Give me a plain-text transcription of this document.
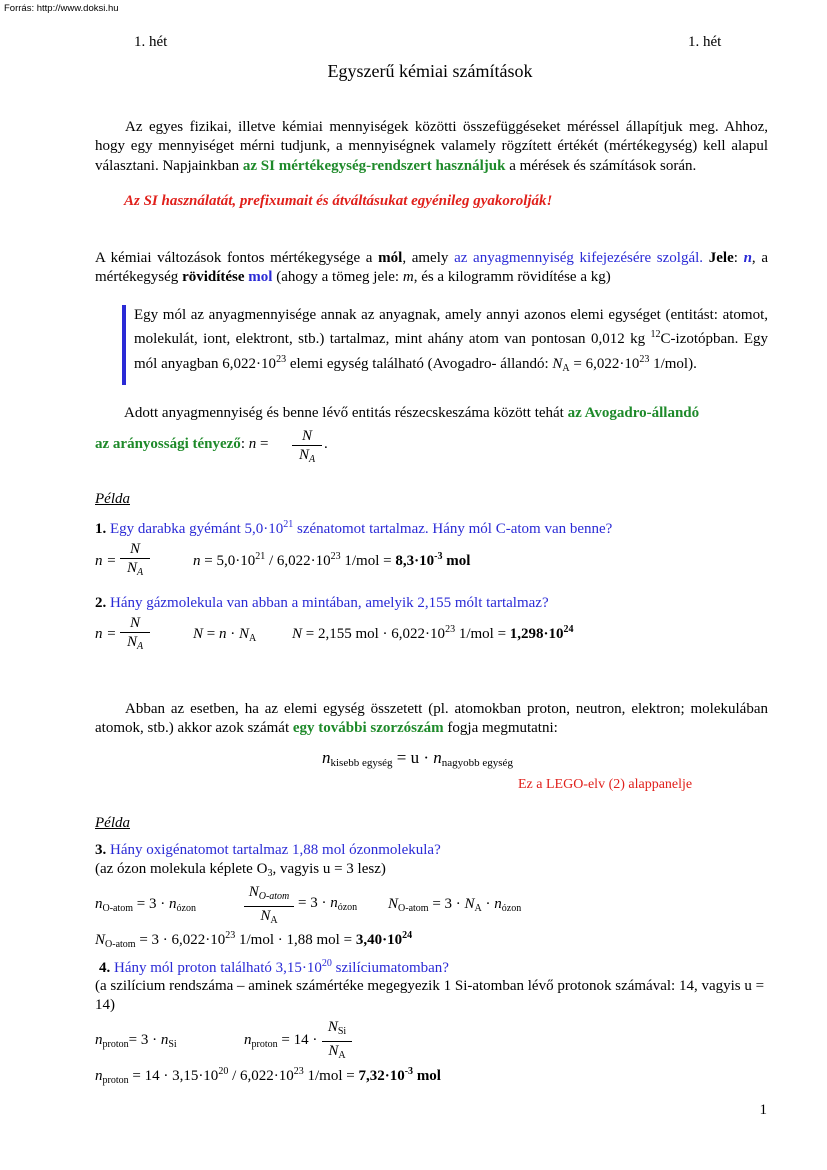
Forrás: http://www.doksi.hu
1. hét	1. hét
Egyszerű kémiai számítások
Az egyes fizikai, illetve kémiai mennyiségek közötti összefüggéseket méréssel állapítjuk meg. Ahhoz, hogy egy mennyiséget mérni tudjunk, a mennyiségnek valamely rögzített értékét (mértékegység) kell alapul választani. Napjainkban az SI mértékegység-rendszert használjuk a mérések és számítások során.
Az SI használatát, prefixumait és átváltásukat egyénileg gyakorolják!
A kémiai változások fontos mértékegysége a mól, amely az anyagmennyiség kifejezésére szolgál. Jele: n, a mértékegység rövidítése mol (ahogy a tömeg jele: m, és a kilogramm rövidítése a kg)
Egy mól az anyagmennyisége annak az anyagnak, amely annyi azonos elemi egységet (entitást: atomot, molekulát, iont, elektront, stb.) tartalmaz, mint ahány atom van pontosan 0,012 kg $^{12}$C-izotópban. Egy mól anyagban $6,022\cdot 10^{23}$ elemi egység található (Avogadro- állandó: $N_A = 6,022\cdot 10^{23}$ 1/mol).
Adott anyagmennyiség és benne lévő entitás részecskeszáma között tehát az Avogadro-állandó
az arányossági tényező: $n = \frac{N}{N_A}$ .
Példa
1. Egy darabka gyémánt $5,0\cdot 10^{21}$ szénatomot tartalmaz. Hány mól C-atom van benne?
$n = \frac{N}{N_A}$	$n = 5,0\cdot 10^{21} / 6,022\cdot 10^{23}$ $1/mol = 8,3\cdot 10^{-3}$ mol
2. Hány gázmolekula van abban a mintában, amelyik 2,155 mólt tartalmaz?
$n = \frac{N}{N_A}$	$N = n \cdot N_A$ N = 2,155 mol · $6,022\cdot 10^{23}$ $1/mol = 1,298\cdot 10^{24}$
Abban az esetben, ha az elemi egység összetett (pl. atomokban proton, neutron, elektron; molekulában atomok, stb.) akkor azok számát egy további szorzószám fogja megmutatni:
$n_{kisebb egység} = u \cdot n_{nagyobb egység}$
Ez a LEGO-elv (2) alappanelje
Példa
3. Hány oxigénatomot tartalmaz 1,88 mol ózonmolekula?
(az ózon molekula képlete $O_3$, vagyis u = 3 lesz)
$n_{O-atom} = 3 \cdot n_{ózon}$
$N_{O-atom}$
$N_A$
= $3 \cdot n_{ózon}$ $N_{O-atom} = 3 \cdot N_A \cdot n_{ózon}$
$N_{O-atom} = 3 \cdot 6,022\cdot 10^{23}$ 1/mol · 1,88 mol = $3,40\cdot 10^{24}$
4. Hány mól proton található $3,15\cdot 10^{20}$ szilíciumatomban?
(a szilícium rendszáma – aminek számértéke megegyezik 1 Si-atomban lévő protonok számával: 14, vagyis u = 14)
$n_{proton}= 3 \cdot n_{Si}$	$n_{proton} = 14$ ·
$N_{Si}$
$N_A$
$n_{proton} = 14 \cdot 3,15\cdot 10^{20} / 6,022\cdot 10^{23}$ $1/mol = 7,32\cdot 10^{-3}$ mol
1
